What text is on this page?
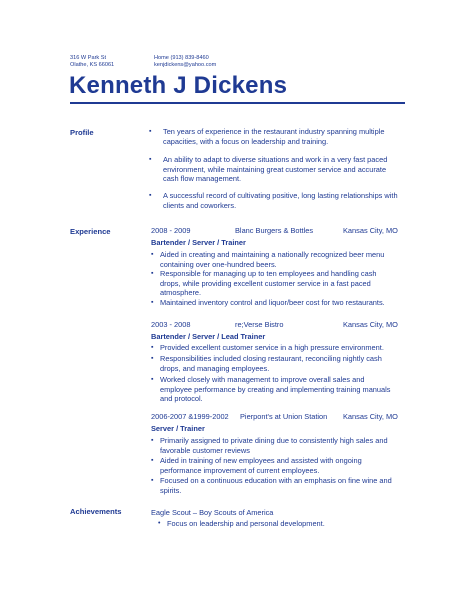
316 W Park St
Olathe, KS 66061
Home (913) 839-8460
kenjdickens@yahoo.com
Kenneth J Dickens
Profile	▪ Ten years of experience in the restaurant industry spanning multiple
capacities, with a focus on leadership and training.
▪ An ability to adapt to diverse situations and work in a very fast paced
environment, while maintaining great customer service and accurate
cash flow management.
▪ A successful record of cultivating positive, long lasting relationships with
clients and coworkers.
Experience	2008 - 2009	Blanc Burgers & Bottles	Kansas City, MO
Bartender / Server / Trainer
▪ Aided in creating and maintaining a nationally recognized beer menu
containing over one-hundred beers.
▪ Responsible for managing up to ten employees and handling cash
drops, while providing excellent customer service in a fast paced
atmosphere.
▪ Maintained inventory control and liquor/beer cost for two restaurants.
2003 - 2008	re;Verse Bistro	Kansas City, MO
Bartender / Server / Lead Trainer
▪ Provided excellent customer service in a high pressure environment.
▪ Responsibilities included closing restaurant, reconciling nightly cash
drops, and managing employees.
▪ Worked closely with management to improve overall sales and
employee performance by creating and implementing training manuals
and protocol.
2006-2007 &1999-2002 Pierpont's at Union Station Kansas City, MO
Server / Trainer
▪ Primarily assigned to private dining due to consistently high sales and
favorable customer reviews
▪ Aided in training of new employees and assisted with ongoing
performance improvement of current employees.
▪ Focused on a continuous education with an emphasis on fine wine and
spirits.
Achievements	Eagle Scout – Boy Scouts of America
• Focus on leadership and personal development.
